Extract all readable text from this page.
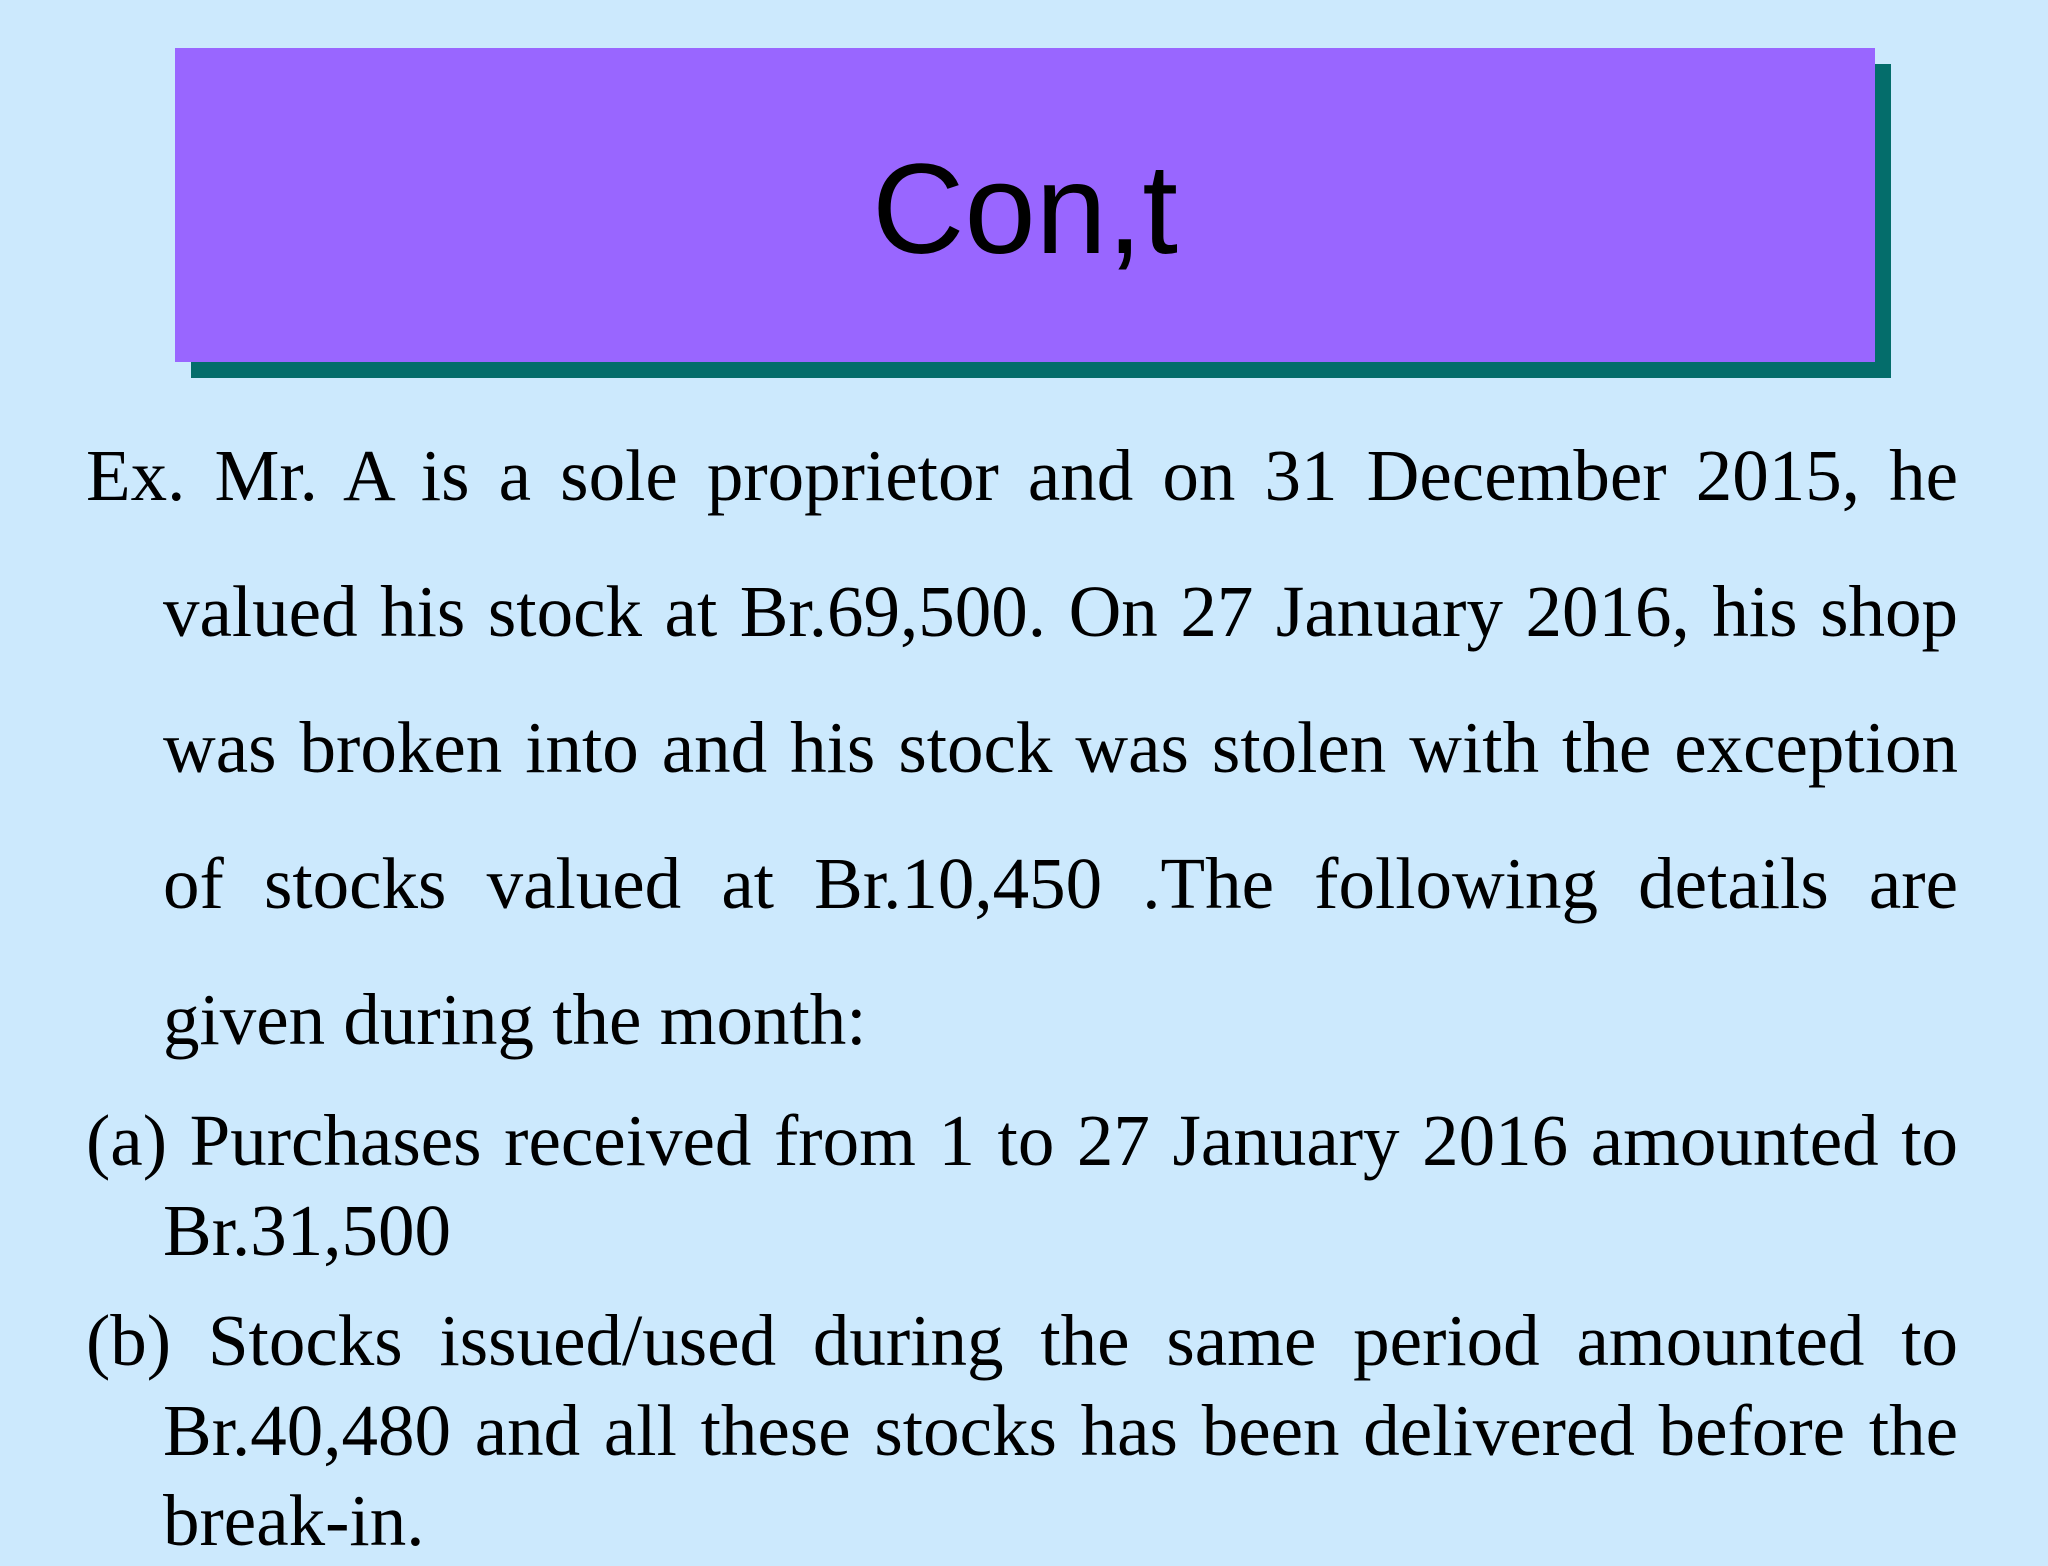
Con,t

Ex. Mr. A is a sole proprietor and on 31 December 2015, he valued his stock at Br.69,500. On 27 January 2016, his shop was broken into and his stock was stolen with the exception of stocks valued at Br.10,450 .The following details are given during the month:

(a) Purchases received from 1 to 27 January 2016 amounted to Br.31,500

(b) Stocks issued/used during the same period amounted to Br.40,480 and all these stocks has been delivered before the break-in.
